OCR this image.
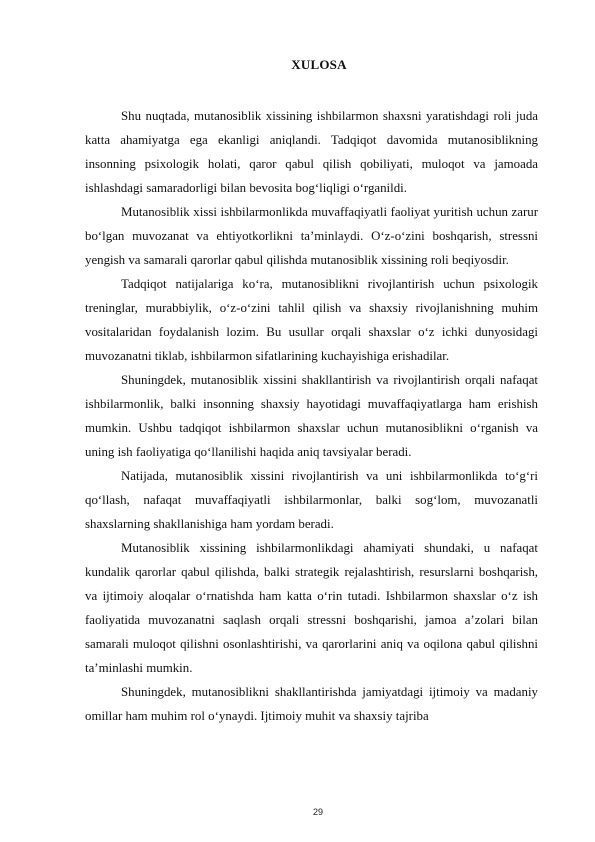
XULOSA

Shu nuqtada, mutanosiblik xissining ishbilarmon shaxsni yaratishdagi roli juda katta ahamiyatga ega ekanligi aniqlandi. Tadqiqot davomida mutanosiblikning insonning psixologik holati, qaror qabul qilish qobiliyati, muloqot va jamoada ishlashdagi samaradorligi bilan bevosita bog‘liqligi o‘rganildi.

Mutanosiblik xissi ishbilarmonlikda muvaffaqiyatli faoliyat yuritish uchun zarur bo‘lgan muvozanat va ehtiyotkorlikni ta’minlaydi. O‘z-o‘zini boshqarish, stressni yengish va samarali qarorlar qabul qilishda mutanosiblik xissining roli beqiyosdir.

Tadqiqot natijalariga ko‘ra, mutanosiblikni rivojlantirish uchun psixologik treninglar, murabbiylik, o‘z-o‘zini tahlil qilish va shaxsiy rivojlanishning muhim vositalaridan foydalanish lozim. Bu usullar orqali shaxslar o‘z ichki dunyosidagi muvozanatni tiklab, ishbilarmon sifatlarining kuchayishiga erishadilar.

Shuningdek, mutanosiblik xissini shakllantirish va rivojlantirish orqali nafaqat ishbilarmonlik, balki insonning shaxsiy hayotidagi muvaffaqiyatlarga ham erishish mumkin. Ushbu tadqiqot ishbilarmon shaxslar uchun mutanosiblikni o‘rganish va uning ish faoliyatiga qo‘llanilishi haqida aniq tavsiyalar beradi.

Natijada, mutanosiblik xissini rivojlantirish va uni ishbilarmonlikda to‘g‘ri qo‘llash, nafaqat muvaffaqiyatli ishbilarmonlar, balki sog‘lom, muvozanatli shaxslarning shakllanishiga ham yordam beradi.

Mutanosiblik xissining ishbilarmonlikdagi ahamiyati shundaki, u nafaqat kundalik qarorlar qabul qilishda, balki strategik rejalashtirish, resurslarni boshqarish, va ijtimoiy aloqalar o‘rnatishda ham katta o‘rin tutadi. Ishbilarmon shaxslar o‘z ish faoliyatida muvozanatni saqlash orqali stressni boshqarishi, jamoa a’zolari bilan samarali muloqot qilishni osonlashtirishi, va qarorlarini aniq va oqilona qabul qilishni ta’minlashi mumkin.

Shuningdek, mutanosiblikni shakllantirishda jamiyatdagi ijtimoiy va madaniy omillar ham muhim rol o‘ynaydi. Ijtimoiy muhit va shaxsiy tajriba

29
